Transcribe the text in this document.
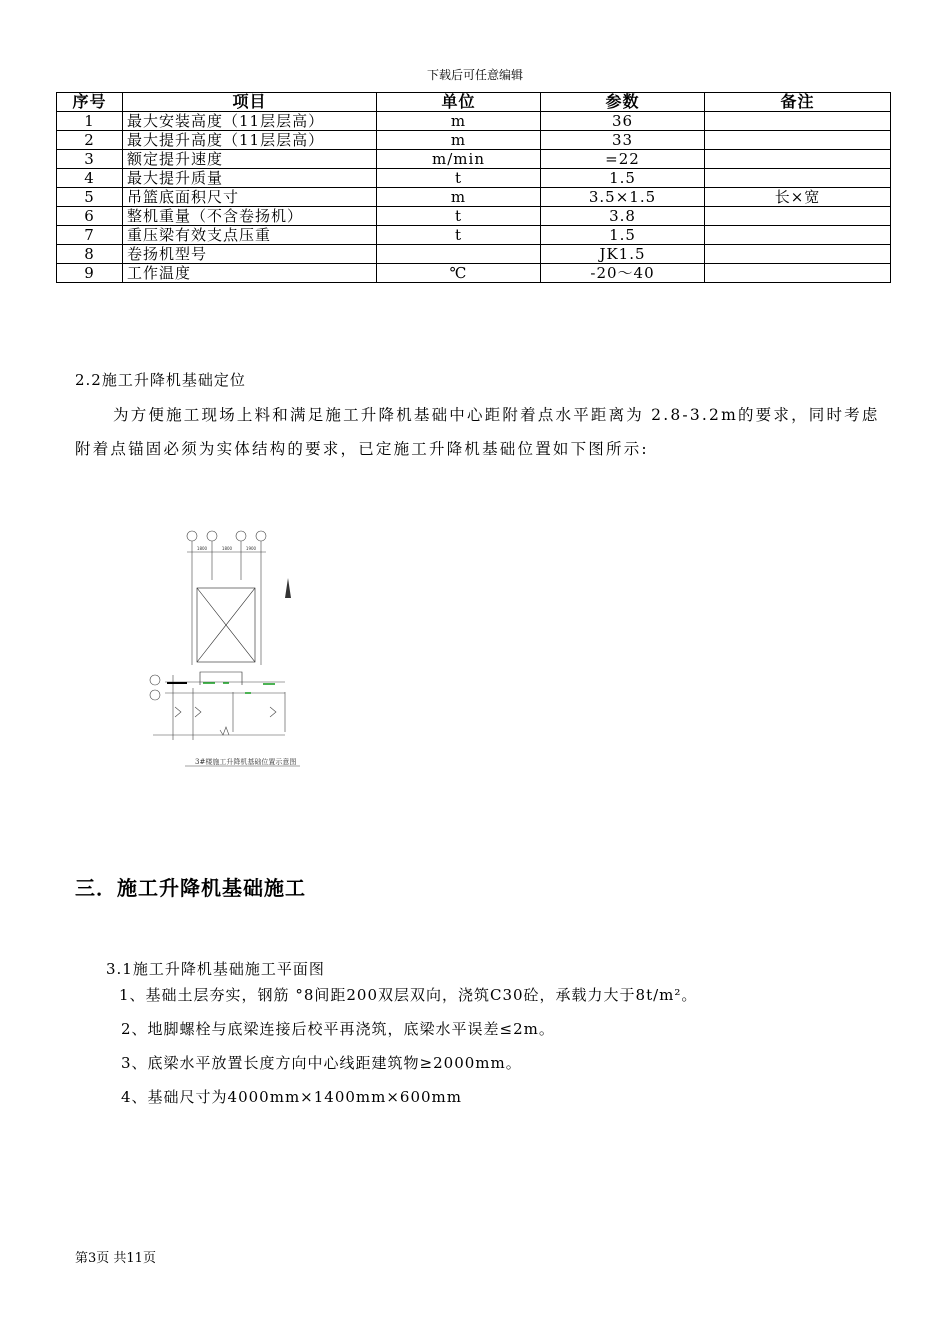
下载后可任意编辑
序号	项目	单位	参数	备注
1	最大安装高度（11层层高）	m	36	
2	最大提升高度（11层层高）	m	33	
3	额定提升速度	m/min	=22	
4	最大提升质量	t	1.5	
5	吊篮底面积尺寸	m	3.5×1.5	长×宽
6	整机重量（不含卷扬机）	t	3.8	
7	重压梁有效支点压重	t	1.5	
8	卷扬机型号		JK1.5	
9	工作温度	℃	-20～40	
2.2施工升降机基础定位
为方便施工现场上料和满足施工升降机基础中心距附着点水平距离为 2.8-3.2m的要求，同时考虑附着点锚固必须为实体结构的要求，已定施工升降机基础位置如下图所示:
1800	1800	1900
3#楼施工升降机基础位置示意图
三．施工升降机基础施工
3.1施工升降机基础施工平面图
1、基础土层夯实，钢筋 °8间距200双层双向，浇筑C30砼，承载力大于8t/m²。
2、地脚螺栓与底梁连接后校平再浇筑，底梁水平误差≤2m。
3、底梁水平放置长度方向中心线距建筑物≥2000mm。
4、基础尺寸为4000mm×1400mm×600mm
第3页 共11页
